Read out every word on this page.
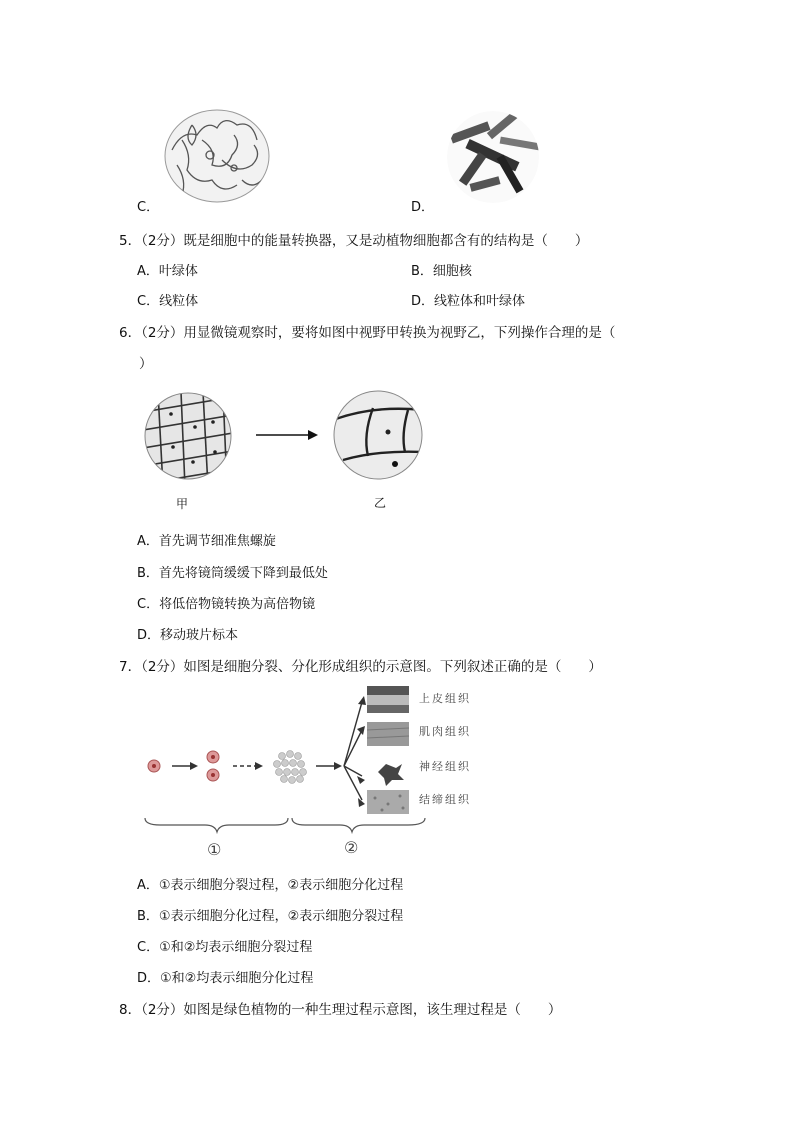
C．	D．
5．（2分）既是细胞中的能量转换器，又是动植物细胞都含有的结构是（　　）
A．叶绿体	B．细胞核
C．线粒体	D．线粒体和叶绿体
6．（2分）用显微镜观察时，要将如图中视野甲转换为视野乙，下列操作合理的是（
）
甲	乙
A．首先调节细准焦螺旋
B．首先将镜筒缓缓下降到最低处
C．将低倍物镜转换为高倍物镜
D．移动玻片标本
7．（2分）如图是细胞分裂、分化形成组织的示意图。下列叙述正确的是（　　）
上皮组织
肌肉组织
神经组织
结缔组织
①	②
A．①表示细胞分裂过程，②表示细胞分化过程
B．①表示细胞分化过程，②表示细胞分裂过程
C．①和②均表示细胞分裂过程
D．①和②均表示细胞分化过程
8．（2分）如图是绿色植物的一种生理过程示意图，该生理过程是（　　）
